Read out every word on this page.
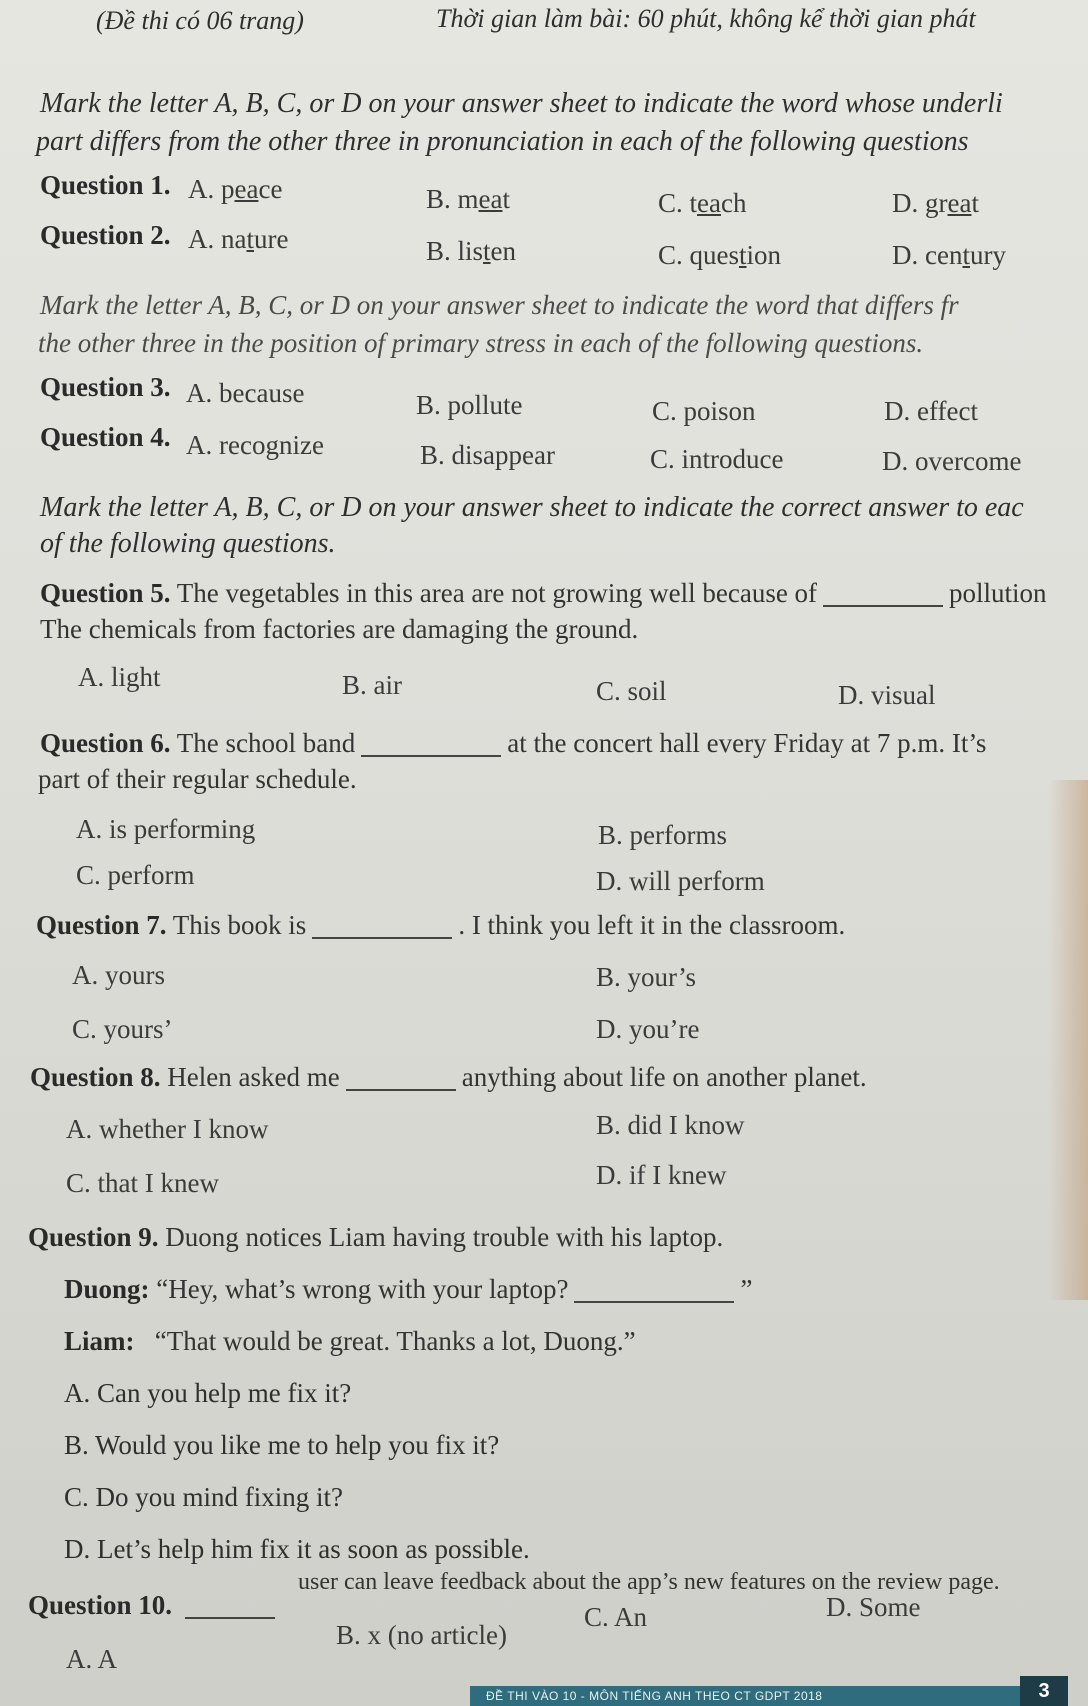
(Đề thi có 06 trang)	Thời gian làm bài: 60 phút, không kể thời gian phát
Mark the letter A, B, C, or D on your answer sheet to indicate the word whose underli
part differs from the other three in pronunciation in each of the following questions
Question 1. A. peace	B. meat	C. teach	D. great
Question 2. A. nature	B. listen	C. question	D. century
Mark the letter A, B, C, or D on your answer sheet to indicate the word that differs fr
the other three in the position of primary stress in each of the following questions.
Question 3. A. because	B. pollute	C. poison	D. effect
Question 4. A. recognize	B. disappear	C. introduce	D. overcome
Mark the letter A, B, C, or D on your answer sheet to indicate the correct answer to eac
of the following questions.
Question 5. The vegetables in this area are not growing well because of	pollution
The chemicals from factories are damaging the ground.
A. light	B. air	C. soil	D. visual
Question 6. The school band	at the concert hall every Friday at 7 p.m. It’s
part of their regular schedule.
A. is performing	B. performs
C. perform	D. will perform
Question 7. This book is	. I think you left it in the classroom.
A. yours	B. your’s
C. yours’	D. you’re
Question 8. Helen asked me	anything about life on another planet.
A. whether I know	B. did I know
C. that I knew	D. if I knew
Question 9. Duong notices Liam having trouble with his laptop.
Duong: “Hey, what’s wrong with your laptop?	”
Liam: “That would be great. Thanks a lot, Duong.”
A. Can you help me fix it?
B. Would you like me to help you fix it?
C. Do you mind fixing it?
D. Let’s help him fix it as soon as possible.
Question 10.
user can leave feedback about the app’s new features on the review page.
A. A
B. x (no article)
C. An	D. Some
ĐỀ THI VÀO 10 - MÔN TIẾNG ANH THEO CT GDPT 2018	3
